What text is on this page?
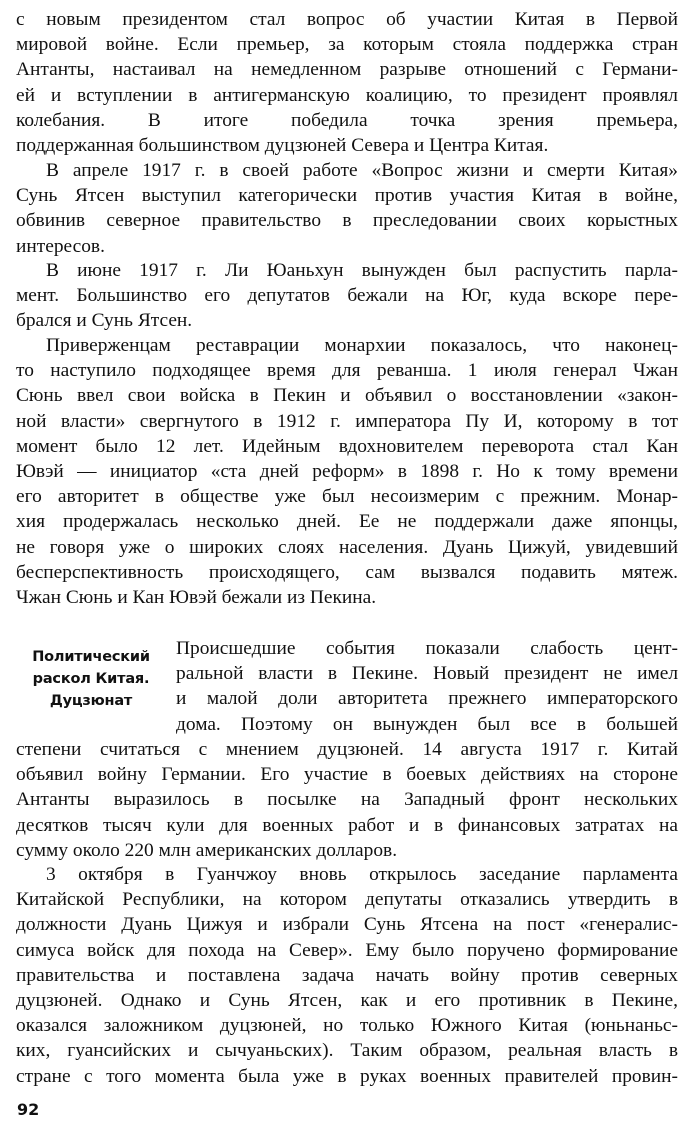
с новым президентом стал вопрос об участии Китая в Первой
мировой войне. Если премьер, за которым стояла поддержка стран
Антанты, настаивал на немедленном разрыве отношений с Германи-
ей и вступлении в антигерманскую коалицию, то президент проявлял колебания. В итоге победила точка зрения премьера,
поддержанная большинством дуцзюней Севера и Центра Китая.
В апреле 1917 г. в своей работе «Вопрос жизни и смерти Китая»
Сунь Ятсен выступил категорически против участия Китая в войне,
обвинив северное правительство в преследовании своих корыстных
интересов.
В июне 1917 г. Ли Юаньхун вынужден был распустить парла-
мент. Большинство его депутатов бежали на Юг, куда вскоре пере-
брался и Сунь Ятсен.
Приверженцам реставрации монархии показалось, что наконец-
то наступило подходящее время для реванша. 1 июля генерал Чжан
Сюнь ввел свои войска в Пекин и объявил о восстановлении «закон-
ной власти» свергнутого в 1912 г. императора Пу И, которому в тот
момент было 12 лет. Идейным вдохновителем переворота стал Кан
Ювэй — инициатор «ста дней реформ» в 1898 г. Но к тому времени
его авторитет в обществе уже был несоизмерим с прежним. Монар-
хия продержалась несколько дней. Ее не поддержали даже японцы,
не говоря уже о широких слоях населения. Дуань Цижуй, увидевший
бесперспективность происходящего, сам вызвался подавить мятеж.
Чжан Сюнь и Кан Ювэй бежали из Пекина.
Политический
раскол Китая.
Дуцзюнат
Происшедшие события показали слабость цент-
ральной власти в Пекине. Новый президент не имел
и малой доли авторитета прежнего императорского
дома. Поэтому он вынужден был все в большей
степени считаться с мнением дуцзюней. 14 августа 1917 г. Китай
объявил войну Германии. Его участие в боевых действиях на стороне
Антанты выразилось в посылке на Западный фронт нескольких
десятков тысяч кули для военных работ и в финансовых затратах на
сумму около 220 млн американских долларов.
3 октября в Гуанчжоу вновь открылось заседание парламента
Китайской Республики, на котором депутаты отказались утвердить в
должности Дуань Цижуя и избрали Сунь Ятсена на пост «генералис-
симуса войск для похода на Север». Ему было поручено формирование
правительства и поставлена задача начать войну против северных
дуцзюней. Однако и Сунь Ятсен, как и его противник в Пекине,
оказался заложником дуцзюней, но только Южного Китая (юньнаньс-
ких, гуансийских и сычуаньских). Таким образом, реальная власть в
стране с того момента была уже в руках военных правителей провин-
92
